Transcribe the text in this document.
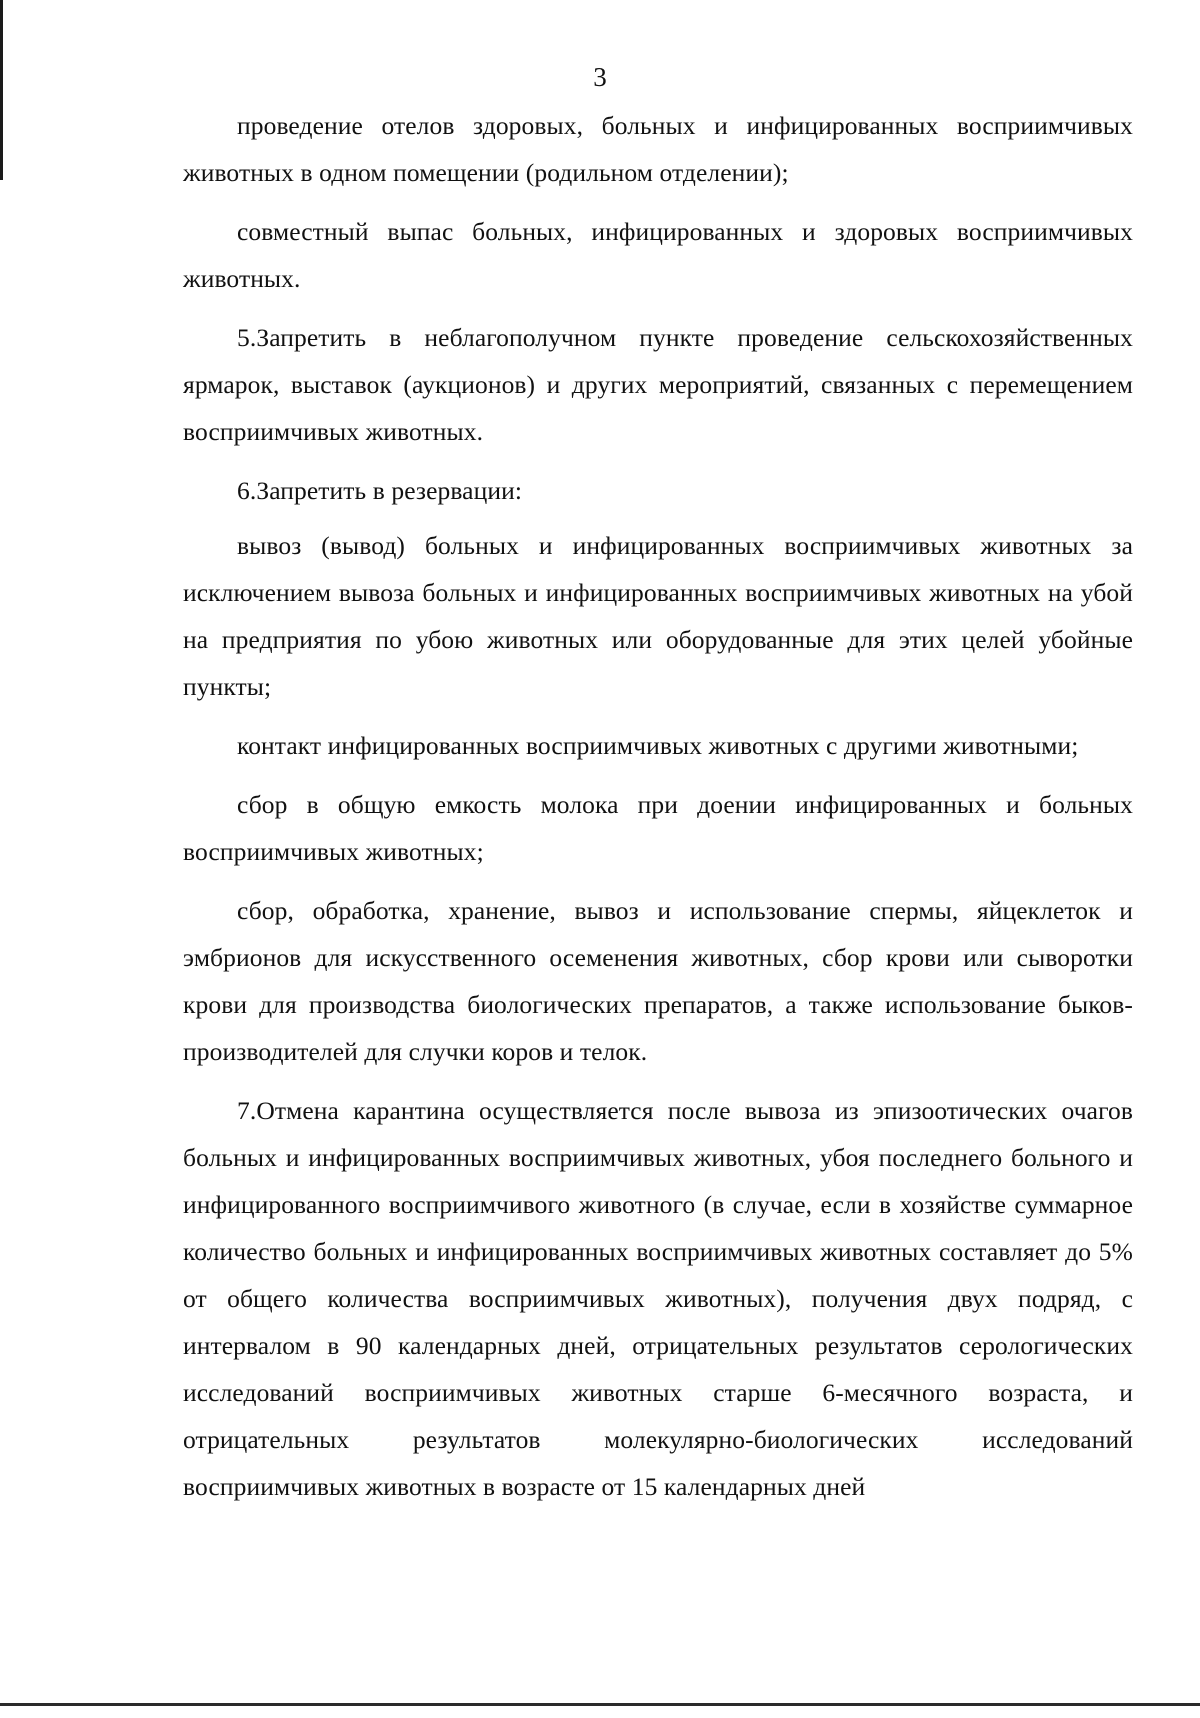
3

проведение отелов здоровых, больных и инфицированных восприимчивых животных в одном помещении (родильном отделении);

совместный выпас больных, инфицированных и здоровых восприимчивых животных.

5.Запретить в неблагополучном пункте проведение сельскохозяйственных ярмарок, выставок (аукционов) и других мероприятий, связанных с перемещением восприимчивых животных.

6.Запретить в резервации:

вывоз (вывод) больных и инфицированных восприимчивых животных за исключением вывоза больных и инфицированных восприимчивых животных на убой на предприятия по убою животных или оборудованные для этих целей убойные пункты;

контакт инфицированных восприимчивых животных с другими животными;

сбор в общую емкость молока при доении инфицированных и больных восприимчивых животных;

сбор, обработка, хранение, вывоз и использование спермы, яйцеклеток и эмбрионов для искусственного осеменения животных, сбор крови или сыворотки крови для производства биологических препаратов, а также использование быков-производителей для случки коров и телок.

7.Отмена карантина осуществляется после вывоза из эпизоотических очагов больных и инфицированных восприимчивых животных, убоя последнего больного и инфицированного восприимчивого животного (в случае, если в хозяйстве суммарное количество больных и инфицированных восприимчивых животных составляет до 5% от общего количества восприимчивых животных), получения двух подряд, с интервалом в 90 календарных дней, отрицательных результатов серологических исследований восприимчивых животных старше 6-месячного возраста, и отрицательных результатов молекулярно-биологических исследований восприимчивых животных в возрасте от 15 календарных дней
